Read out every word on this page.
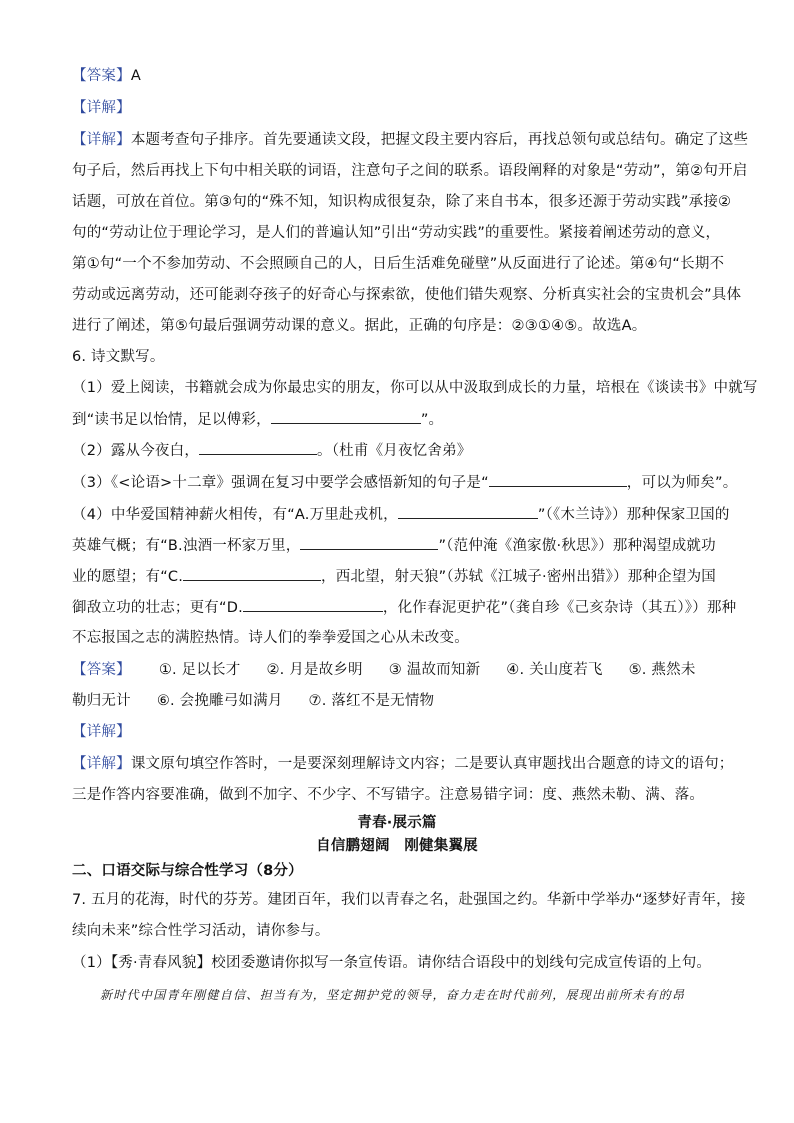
【答案】A
【详解】
【详解】本题考查句子排序。首先要通读文段，把握文段主要内容后，再找总领句或总结句。确定了这些
句子后，然后再找上下句中相关联的词语，注意句子之间的联系。语段阐释的对象是“劳动”，第②句开启
话题，可放在首位。第③句的“殊不知，知识构成很复杂，除了来自书本，很多还源于劳动实践”承接②
句的“劳动让位于理论学习，是人们的普遍认知”引出“劳动实践”的重要性。紧接着阐述劳动的意义，
第①句“一个不参加劳动、不会照顾自己的人，日后生活难免碰壁”从反面进行了论述。第④句“长期不
劳动或远离劳动，还可能剥夺孩子的好奇心与探索欲，使他们错失观察、分析真实社会的宝贵机会”具体
进行了阐述，第⑤句最后强调劳动课的意义。据此，正确的句序是：②③①④⑤。故选A。
6. 诗文默写。
（1）爱上阅读，书籍就会成为你最忠实的朋友，你可以从中汲取到成长的力量，培根在《谈读书》中就写
到“读书足以怡情，足以傅彩，	”。
（2）露从今夜白，	。（杜甫《月夜忆舍弟》
（3）《<论语>十二章》强调在复习中要学会感悟新知的句子是“	，可以为师矣”。
（4）中华爱国精神薪火相传，有“A.万里赴戎机，	”（《木兰诗》）那种保家卫国的
英雄气概；有“B.浊酒一杯家万里，	”（范仲淹《渔家傲·秋思》）那种渴望成就功
业的愿望；有“C.	，西北望，射天狼”（苏轼《江城子·密州出猎》）那种企望为国
御敌立功的壮志；更有“D.	，化作春泥更护花”（龚自珍《己亥杂诗（其五）》）那种
不忘报国之志的满腔热情。诗人们的拳拳爱国之心从未改变。
【答案】 ①. 足以长才 ②. 月是故乡明 ③ 温故而知新 ④. 关山度若飞 ⑤. 燕然未
勒归无计 ⑥. 会挽雕弓如满月 ⑦. 落红不是无情物
【详解】
【详解】课文原句填空作答时，一是要深刻理解诗文内容；二是要认真审题找出合题意的诗文的语句；
三是作答内容要准确，做到不加字、不少字、不写错字。注意易错字词：度、燕然未勒、满、落。
青春·展示篇
自信鹏翅阔　刚健集翼展
二、口语交际与综合性学习（8分）
7. 五月的花海，时代的芬芳。建团百年，我们以青春之名，赴强国之约。华新中学举办“逐梦好青年，接
续向未来”综合性学习活动，请你参与。
（1）【秀·青春风貌】校团委邀请你拟写一条宣传语。请你结合语段中的划线句完成宣传语的上句。
新时代中国青年刚健自信、担当有为，坚定拥护党的领导，奋力走在时代前列，展现出前所未有的昂
